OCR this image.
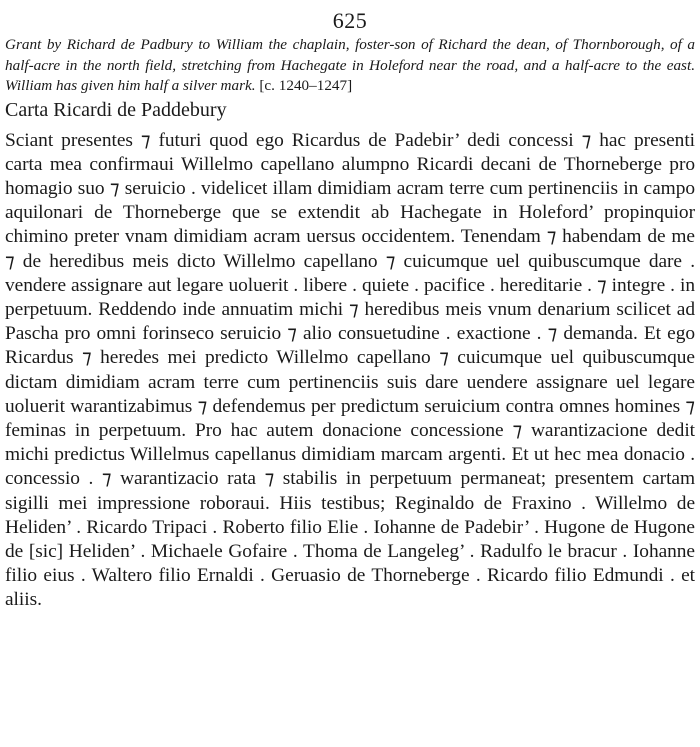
625

Grant by Richard de Padbury to William the chaplain, foster-son of Richard the dean, of Thornborough, of a half-acre in the north field, stretching from Hachegate in Holeford near the road, and a half-acre to the east. William has given him half a silver mark. [c. 1240–1247]

Carta Ricardi de Paddebury

Sciant presentes ⁊ futuri quod ego Ricardus de Padebir’ dedi concessi ⁊ hac presenti carta mea confirmaui Willelmo capellano alumpno Ricardi decani de Thorneberge pro homagio suo ⁊ seruicio . videlicet illam dimidiam acram terre cum pertinenciis in campo aquilonari de Thorneberge que se extendit ab Hachegate in Holeford’ propinquior chimino preter vnam dimidiam acram uersus occidentem. Tenendam ⁊ habendam de me ⁊ de heredibus meis dicto Willelmo capellano ⁊ cuicumque uel quibuscumque dare . vendere assignare aut legare uoluerit . libere . quiete . pacifice . hereditarie . ⁊ integre . in perpetuum. Reddendo inde annuatim michi ⁊ heredibus meis vnum denarium scilicet ad Pascha pro omni forinseco seruicio ⁊ alio consuetudine . exactione . ⁊ demanda. Et ego Ricardus ⁊ heredes mei predicto Willelmo capellano ⁊ cuicumque uel quibuscumque dictam dimidiam acram terre cum pertinenciis suis dare uendere assignare uel legare uoluerit warantizabimus ⁊ defendemus per predictum seruicium contra omnes homines ⁊ feminas in perpetuum. Pro hac autem donacione concessione ⁊ warantizacione dedit michi predictus Willelmus capellanus dimidiam marcam argenti. Et ut hec mea donacio . concessio . ⁊ warantizacio rata ⁊ stabilis in perpetuum permaneat; presentem cartam sigilli mei impressione roboraui. Hiis testibus; Reginaldo de Fraxino . Willelmo de Heliden’ . Ricardo Tripaci . Roberto filio Elie . Iohanne de Padebir’ . Hugone de Hugone de [sic] Heliden’ . Michaele Gofaire . Thoma de Langeleg’ . Radulfo le bracur . Iohanne filio eius . Waltero filio Ernaldi . Geruasio de Thorneberge . Ricardo filio Edmundi . et aliis.
